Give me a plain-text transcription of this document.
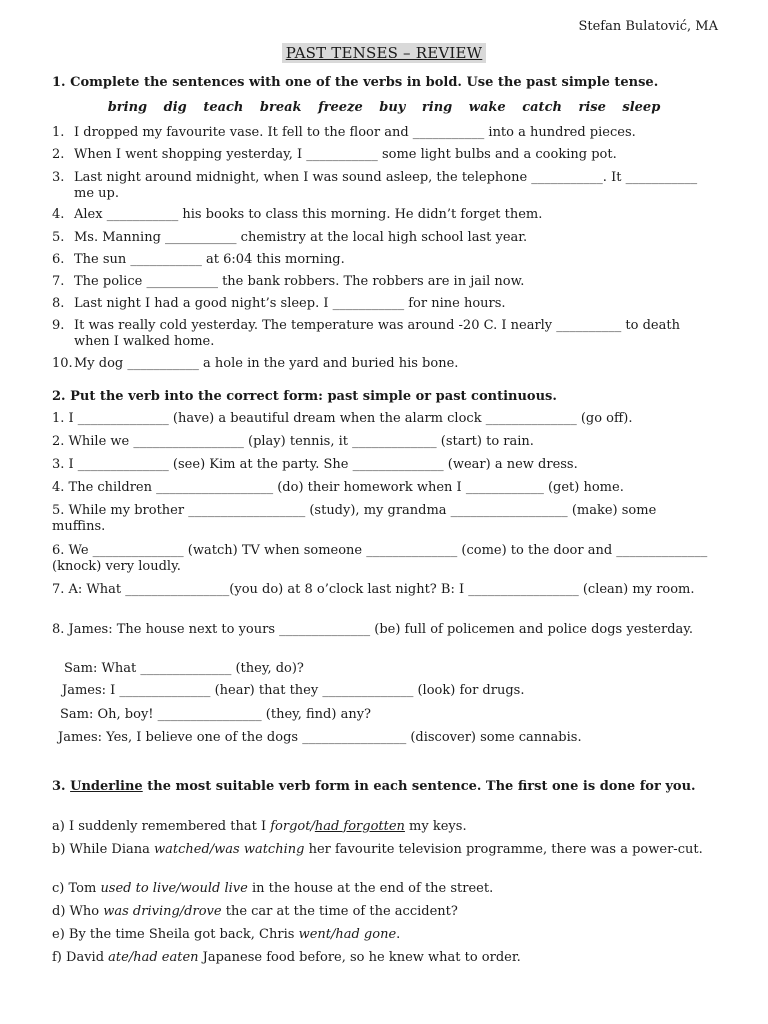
Stefan Bulatović, MA
PAST TENSES – REVIEW
1. Complete the sentences with one of the verbs in bold. Use the past simple tense.
bring dig teach break freeze buy ring wake catch rise sleep
1. I dropped my favourite vase. It fell to the floor and ___________ into a hundred pieces.
2. When I went shopping yesterday, I ___________ some light bulbs and a cooking pot.
3. Last night around midnight, when I was sound asleep, the telephone ___________. It ___________ me up.
4. Alex ___________ his books to class this morning. He didn’t forget them.
5. Ms. Manning ___________ chemistry at the local high school last year.
6. The sun ___________ at 6:04 this morning.
7. The police ___________ the bank robbers. The robbers are in jail now.
8. Last night I had a good night’s sleep. I ___________ for nine hours.
9. It was really cold yesterday. The temperature was around -20 C. I nearly __________ to death when I walked home.
10. My dog ___________ a hole in the yard and buried his bone.
2. Put the verb into the correct form: past simple or past continuous.
1. I ______________ (have) a beautiful dream when the alarm clock ______________ (go off).
2. While we _________________ (play) tennis, it _____________ (start) to rain.
3. I ______________ (see) Kim at the party. She ______________ (wear) a new dress.
4. The children __________________ (do) their homework when I ____________ (get) home.
5. While my brother __________________ (study), my grandma __________________ (make) some muffins.
6. We ______________ (watch) TV when someone ______________ (come) to the door and ______________ (knock) very loudly.
7. A: What ________________(you do) at 8 o’clock last night? B: I _________________ (clean) my room.
8. James: The house next to yours ______________ (be) full of policemen and police dogs yesterday.
Sam: What ______________ (they, do)?
James: I ______________ (hear) that they ______________ (look) for drugs.
Sam: Oh, boy! ________________ (they, find) any?
James: Yes, I believe one of the dogs ________________ (discover) some cannabis.
3. Underline the most suitable verb form in each sentence. The first one is done for you.
a) I suddenly remembered that I forgot/had forgotten my keys.
b) While Diana watched/was watching her favourite television programme, there was a power-cut.
c) Tom used to live/would live in the house at the end of the street.
d) Who was driving/drove the car at the time of the accident?
e) By the time Sheila got back, Chris went/had gone.
f) David ate/had eaten Japanese food before, so he knew what to order.
